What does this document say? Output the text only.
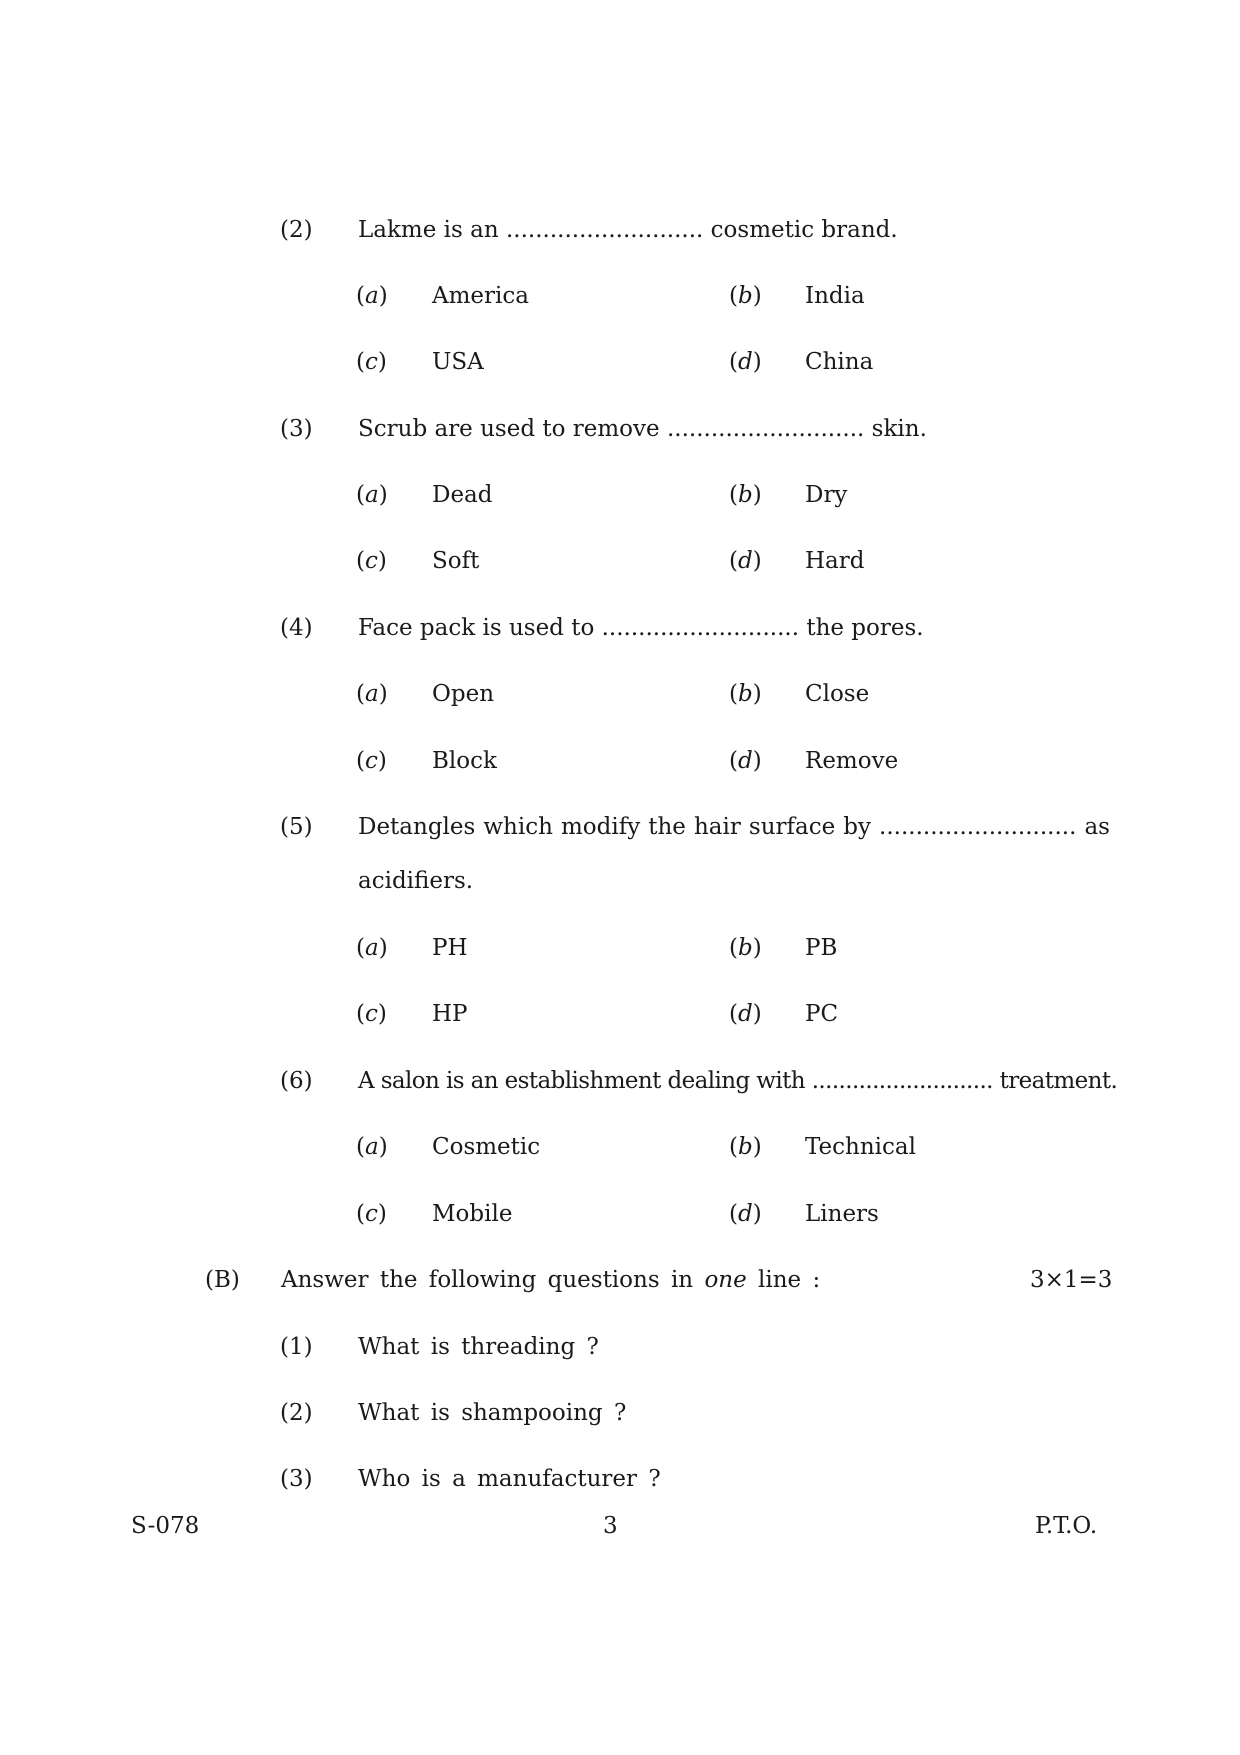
(2)	Lakme is an ........................... cosmetic brand.
(a) America	(b) India
(c) USA	(d) China
(3)	Scrub are used to remove ........................... skin.
(a) Dead	(b) Dry
(c) Soft	(d) Hard
(4)	Face pack is used to ........................... the pores.
(a) Open	(b) Close
(c) Block	(d) Remove
(5)	Detangles which modify the hair surface by ........................... as
acidifiers.
(a) PH	(b) PB
(c) HP	(d) PC
(6)	A salon is an establishment dealing with ........................... treatment.
(a) Cosmetic	(b) Technical
(c) Mobile	(d) Liners
(B) Answer the following questions in one line :	3×1=3
(1)	What is threading ?
(2)	What is shampooing ?
(3)	Who is a manufacturer ?
S-078	3	P.T.O.
